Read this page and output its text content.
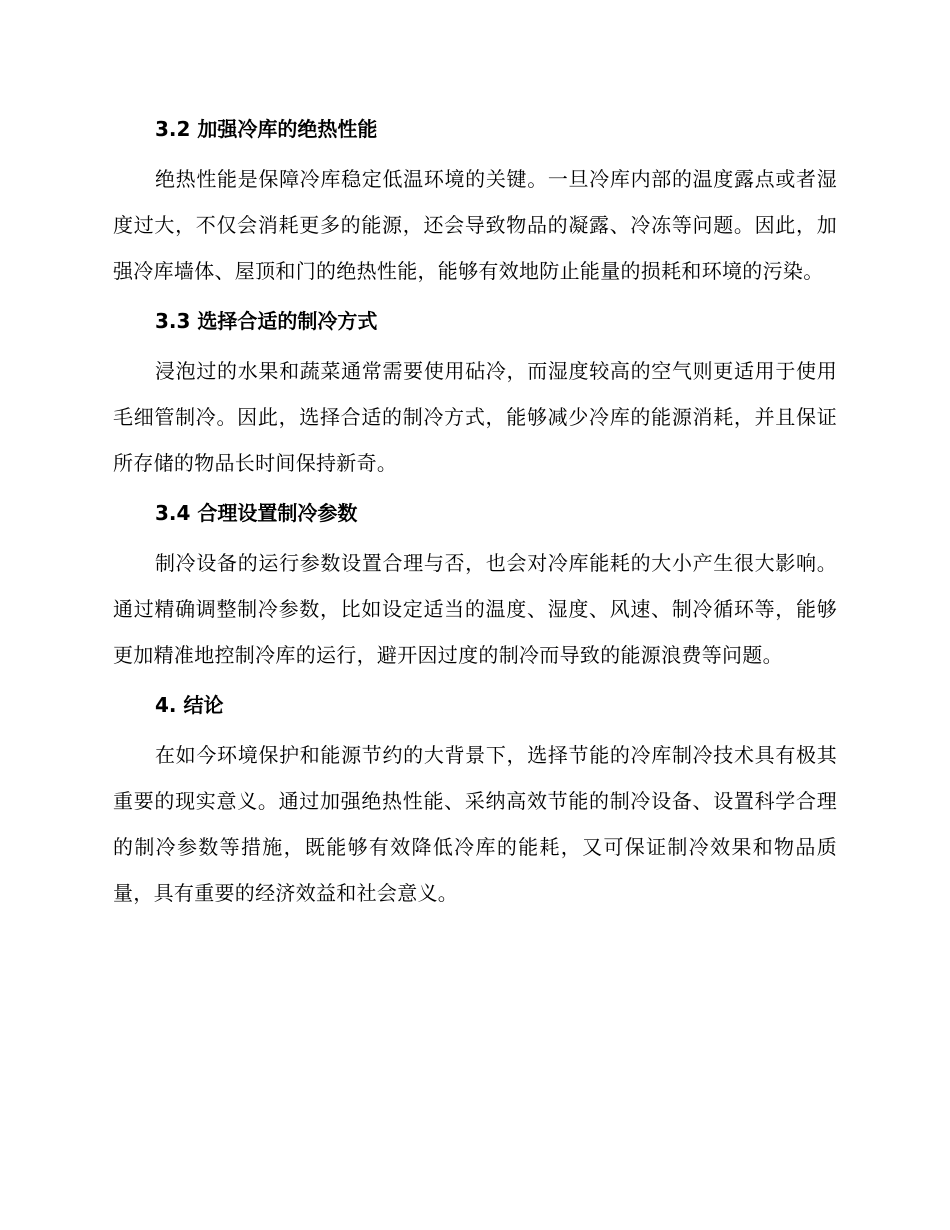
3.2 加强冷库的绝热性能

绝热性能是保障冷库稳定低温环境的关键。一旦冷库内部的温度露点或者湿度过大，不仅会消耗更多的能源，还会导致物品的凝露、冷冻等问题。因此，加强冷库墙体、屋顶和门的绝热性能，能够有效地防止能量的损耗和环境的污染。

3.3 选择合适的制冷方式

浸泡过的水果和蔬菜通常需要使用砧冷，而湿度较高的空气则更适用于使用毛细管制冷。因此，选择合适的制冷方式，能够减少冷库的能源消耗，并且保证所存储的物品长时间保持新奇。

3.4 合理设置制冷参数

制冷设备的运行参数设置合理与否，也会对冷库能耗的大小产生很大影响。通过精确调整制冷参数，比如设定适当的温度、湿度、风速、制冷循环等，能够更加精准地控制冷库的运行，避开因过度的制冷而导致的能源浪费等问题。

4. 结论

在如今环境保护和能源节约的大背景下，选择节能的冷库制冷技术具有极其重要的现实意义。通过加强绝热性能、采纳高效节能的制冷设备、设置科学合理的制冷参数等措施，既能够有效降低冷库的能耗，又可保证制冷效果和物品质量，具有重要的经济效益和社会意义。
